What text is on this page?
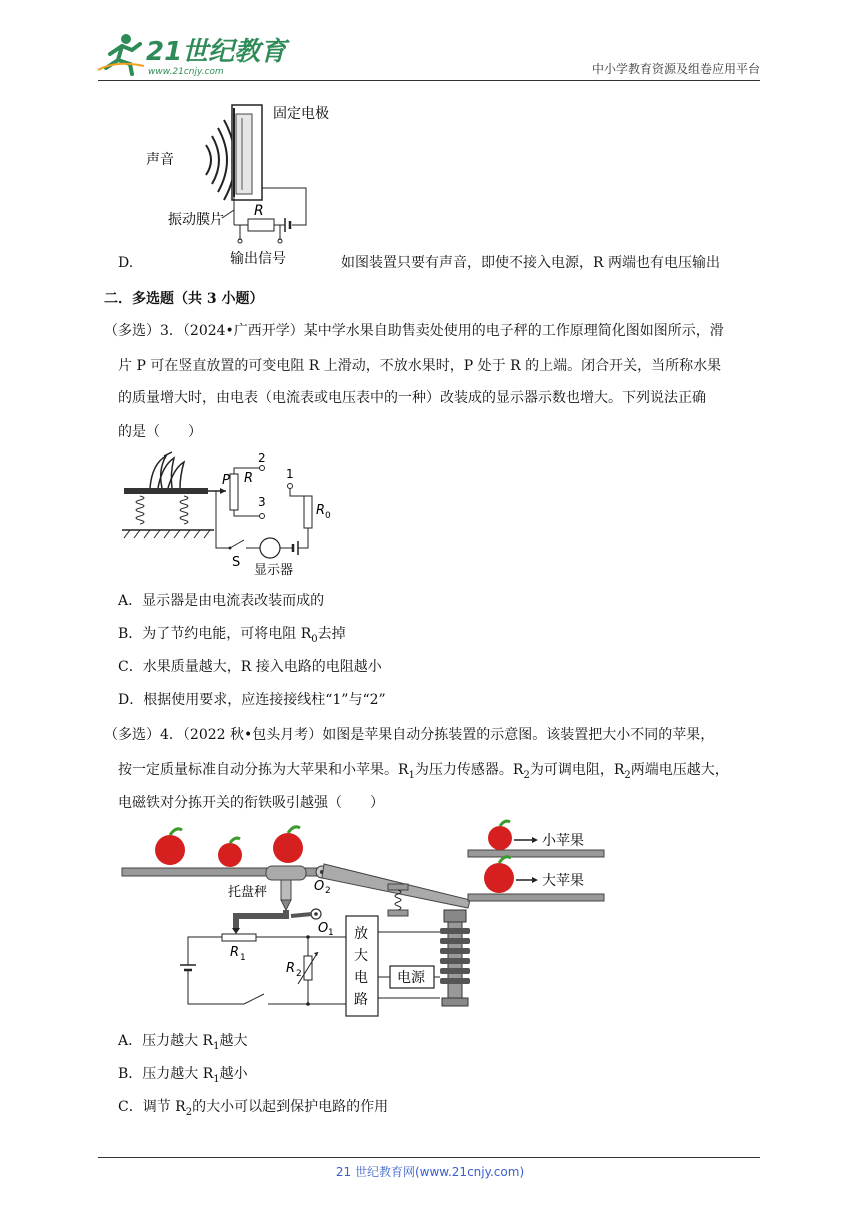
21世纪教育
www.21cnjy.com	中小学教育资源及组卷应用平台
声音
固定电极
振动膜片
R
输出信号
D.	如图装置只要有声音，即使不接入电源，R 两端也有电压输出
二．多选题（共 3 小题）
（多选）3．（2024•广西开学）某中学水果自助售卖处使用的电子秤的工作原理简化图如图所示，滑
片 P 可在竖直放置的可变电阻 R 上滑动，不放水果时，P 处于 R 的上端。闭合开关，当所称水果
的质量增大时，由电表（电流表或电压表中的一种）改装成的显示器示数也增大。下列说法正确
的是（　　）
P R
2
3
1
R 0
S
显示器
A．显示器是由电流表改装而成的
B．为了节约电能，可将电阻 $R_0$去掉
C．水果质量越大，R 接入电路的电阻越小
D．根据使用要求，应连接接线柱“1”与“2”
（多选）4．（2022 秋•包头月考）如图是苹果自动分拣装置的示意图。该装置把大小不同的苹果，
按一定质量标准自动分拣为大苹果和小苹果。$R_1$为压力传感器。$R_2$为可调电阻，$R_2$两端电压越大，
电磁铁对分拣开关的衔铁吸引越强（　　）
托盘秤	O 2
小苹果
大苹果
O 1
R 1
R 2
放
大
电
路
电源
A．压力越大 $R_1$越大
B．压力越大 $R_1$越小
C．调节 $R_2$的大小可以起到保护电路的作用
21 世纪教育网(www.21cnjy.com)
